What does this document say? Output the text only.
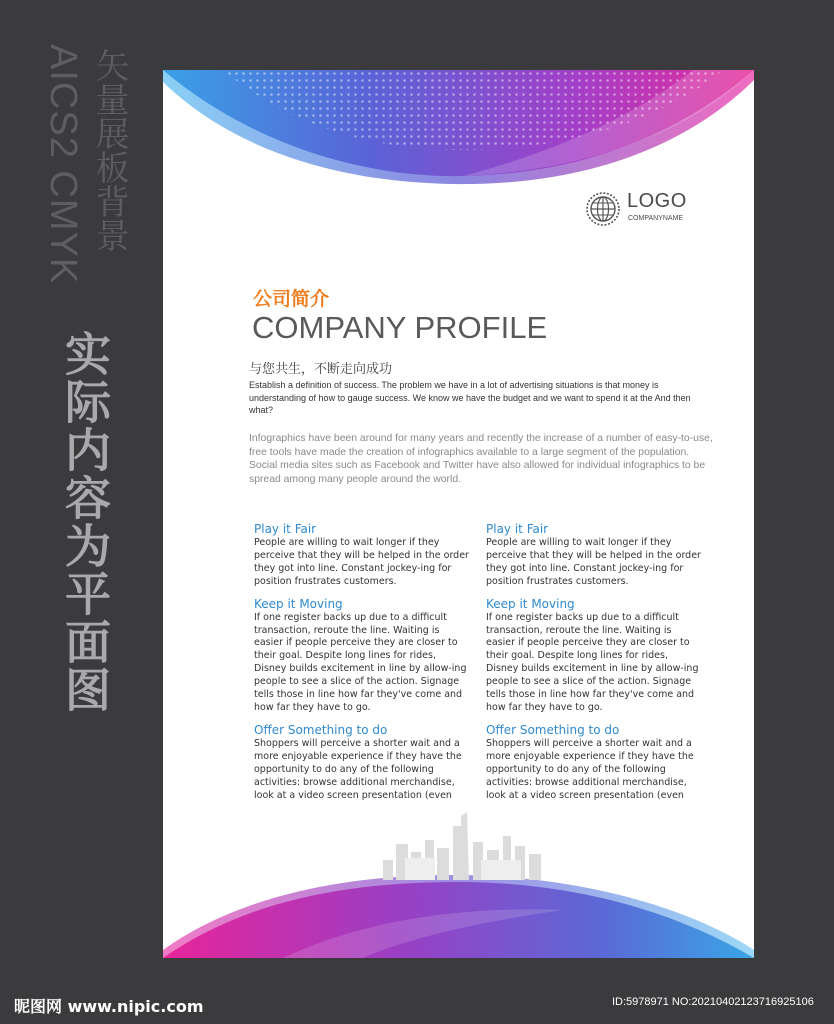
AICS2 CMYK 矢量展板背景
实际内容为平面图
LOGO
COMPANYNAME
公司简介
COMPANY PROFILE
与您共生，不断走向成功
Establish a definition of success. The problem we have in a lot of advertising situations is that money is understanding of how to gauge success. We know we have the budget and we want to spend it at the And then what?
Infographics have been around for many years and recently the increase of a number of easy-to-use, free tools have made the creation of infographics available to a large segment of the population. Social media sites such as Facebook and Twitter have also allowed for individual infographics to be spread among many people around the world.
Play it Fair
People are willing to wait longer if they perceive that they will be helped in the order they got into line. Constant jockey-ing for position frustrates customers.
Keep it Moving
If one register backs up due to a difficult transaction, reroute the line. Waiting is easier if people perceive they are closer to their goal. Despite long lines for rides, Disney builds excitement in line by allow-ing people to see a slice of the action. Signage tells those in line how far they've come and how far they have to go.
Offer Something to do
Shoppers will perceive a shorter wait and a more enjoyable experience if they have the opportunity to do any of the following activities: browse additional merchandise, look at a video screen presentation (even
Play it Fair
People are willing to wait longer if they perceive that they will be helped in the order they got into line. Constant jockey-ing for position frustrates customers.
Keep it Moving
If one register backs up due to a difficult transaction, reroute the line. Waiting is easier if people perceive they are closer to their goal. Despite long lines for rides, Disney builds excitement in line by allow-ing people to see a slice of the action. Signage tells those in line how far they've come and how far they have to go.
Offer Something to do
Shoppers will perceive a shorter wait and a more enjoyable experience if they have the opportunity to do any of the following activities: browse additional merchandise, look at a video screen presentation (even
昵图网 www.nipic.com	ID:5978971 NO:20210402123716925106
